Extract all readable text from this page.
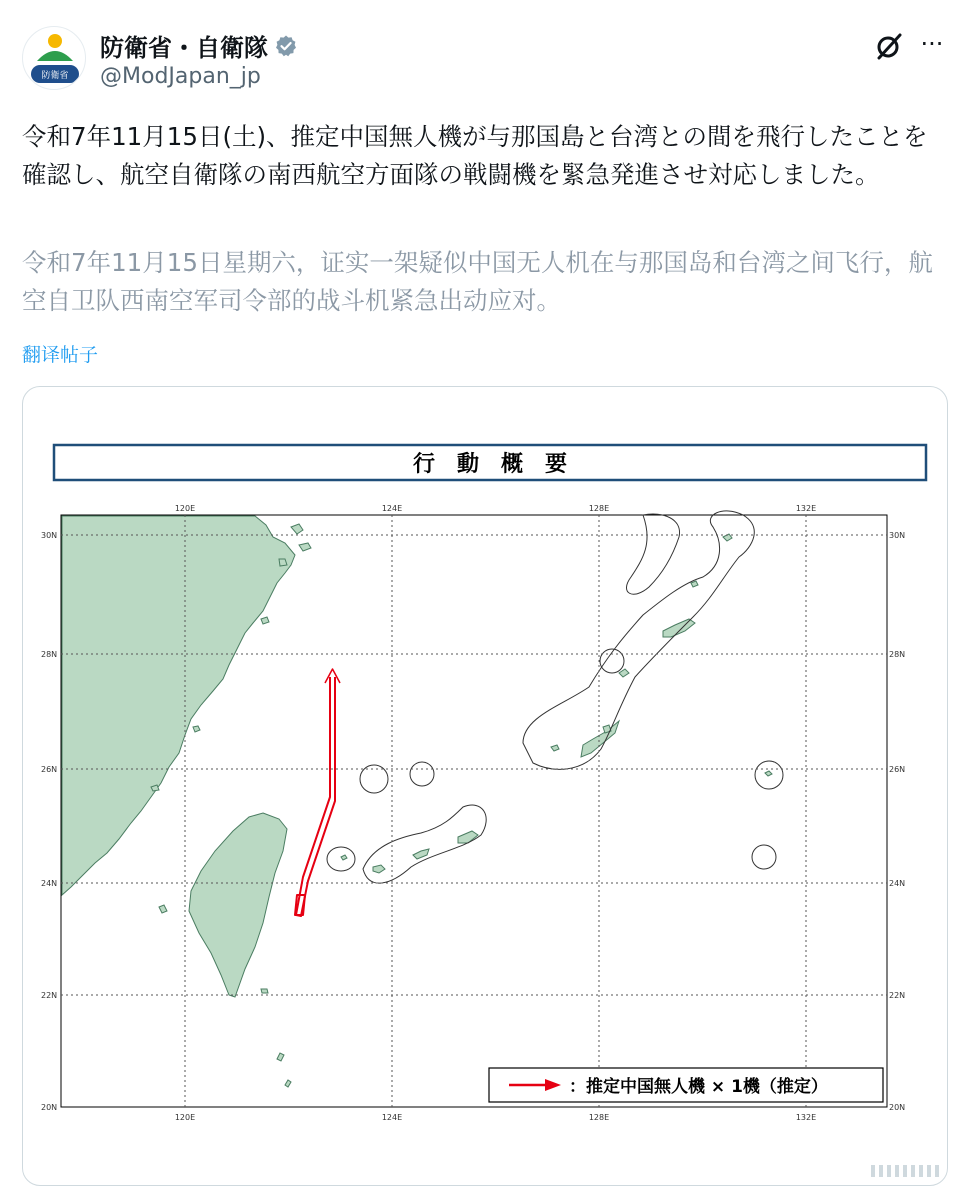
防衛省
防衛省・自衛隊
@ModJapan_jp
···
令和7年11月15日(土)、推定中国無人機が与那国島と台湾との間を飛行したことを確認し、航空自衛隊の南西航空方面隊の戦闘機を緊急発進させ対応しました。
令和7年11月15日星期六，证实一架疑似中国无人机在与那国岛和台湾之间飞行，航空自卫队西南空军司令部的战斗机紧急出动应对。
翻译帖子
行　動　概　要
120E	124E	128E	132E
120E	124E	128E	132E
30N
28N
26N
24N
22N
20N
30N
28N
26N
24N
22N
20N
：推定中国無人機 × 1機（推定）
